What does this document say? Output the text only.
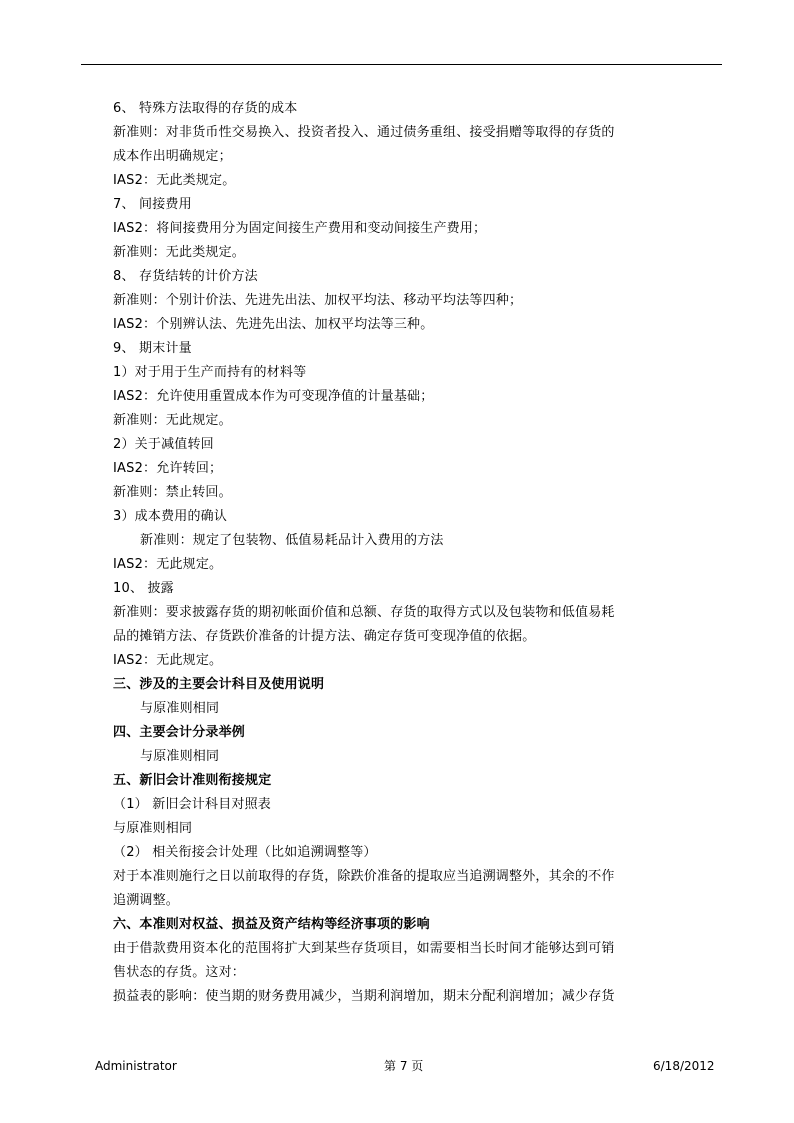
6、 特殊方法取得的存货的成本
新准则：对非货币性交易换入、投资者投入、通过债务重组、接受捐赠等取得的存货的
成本作出明确规定；
IAS2：无此类规定。
7、 间接费用
IAS2：将间接费用分为固定间接生产费用和变动间接生产费用；
新准则：无此类规定。
8、 存货结转的计价方法
新准则：个别计价法、先进先出法、加权平均法、移动平均法等四种；
IAS2：个别辨认法、先进先出法、加权平均法等三种。
9、 期末计量
1）对于用于生产而持有的材料等
IAS2：允许使用重置成本作为可变现净值的计量基础；
新准则：无此规定。
2）关于减值转回
IAS2：允许转回；
新准则：禁止转回。
3）成本费用的确认
新准则：规定了包装物、低值易耗品计入费用的方法
IAS2：无此规定。
10、 披露
新准则：要求披露存货的期初帐面价值和总额、存货的取得方式以及包装物和低值易耗
品的摊销方法、存货跌价准备的计提方法、确定存货可变现净值的依据。
IAS2：无此规定。
三、涉及的主要会计科目及使用说明
与原准则相同
四、主要会计分录举例
与原准则相同
五、新旧会计准则衔接规定
（1） 新旧会计科目对照表
与原准则相同
（2） 相关衔接会计处理（比如追溯调整等）
对于本准则施行之日以前取得的存货，除跌价准备的提取应当追溯调整外，其余的不作
追溯调整。
六、本准则对权益、损益及资产结构等经济事项的影响
由于借款费用资本化的范围将扩大到某些存货项目，如需要相当长时间才能够达到可销
售状态的存货。这对：
损益表的影响：使当期的财务费用减少，当期利润增加，期末分配利润增加；减少存货
Administrator	第 7 页	6/18/2012
